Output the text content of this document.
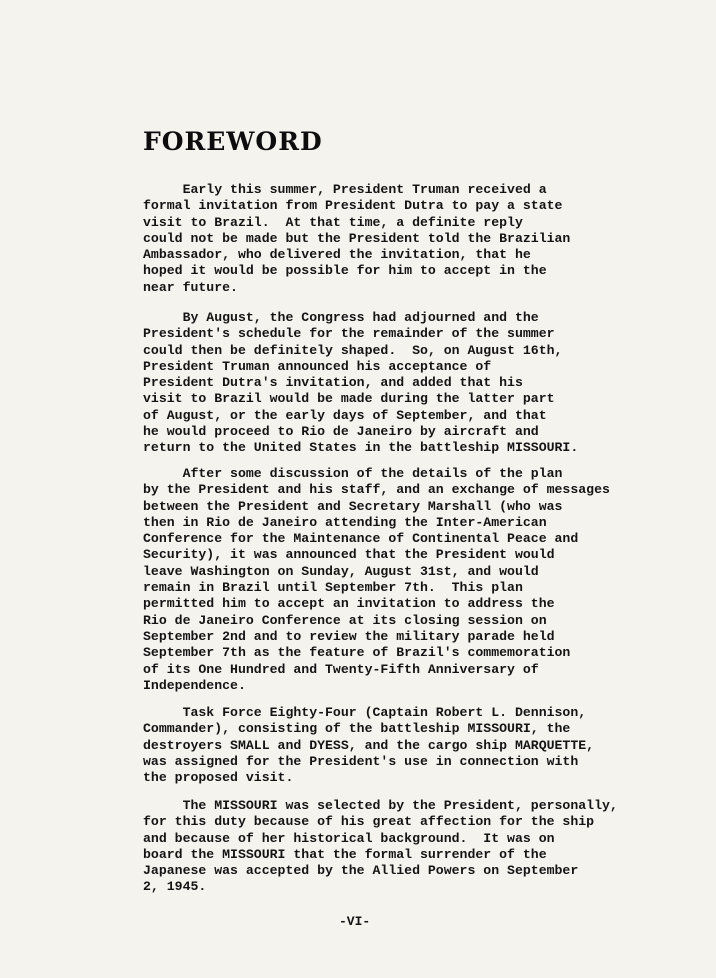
FOREWORD

Early this summer, President Truman received a
formal invitation from President Dutra to pay a state
visit to Brazil.  At that time, a definite reply
could not be made but the President told the Brazilian
Ambassador, who delivered the invitation, that he
hoped it would be possible for him to accept in the
near future.

By August, the Congress had adjourned and the
President's schedule for the remainder of the summer
could then be definitely shaped.  So, on August 16th,
President Truman announced his acceptance of
President Dutra's invitation, and added that his
visit to Brazil would be made during the latter part
of August, or the early days of September, and that
he would proceed to Rio de Janeiro by aircraft and
return to the United States in the battleship MISSOURI.

After some discussion of the details of the plan
by the President and his staff, and an exchange of messages
between the President and Secretary Marshall (who was
then in Rio de Janeiro attending the Inter-American
Conference for the Maintenance of Continental Peace and
Security), it was announced that the President would
leave Washington on Sunday, August 31st, and would
remain in Brazil until September 7th.  This plan
permitted him to accept an invitation to address the
Rio de Janeiro Conference at its closing session on
September 2nd and to review the military parade held
September 7th as the feature of Brazil's commemoration
of its One Hundred and Twenty-Fifth Anniversary of
Independence.

Task Force Eighty-Four (Captain Robert L. Dennison,
Commander), consisting of the battleship MISSOURI, the
destroyers SMALL and DYESS, and the cargo ship MARQUETTE,
was assigned for the President's use in connection with
the proposed visit.

The MISSOURI was selected by the President, personally,
for this duty because of his great affection for the ship
and because of her historical background.  It was on
board the MISSOURI that the formal surrender of the
Japanese was accepted by the Allied Powers on September
2, 1945.

-VI-
